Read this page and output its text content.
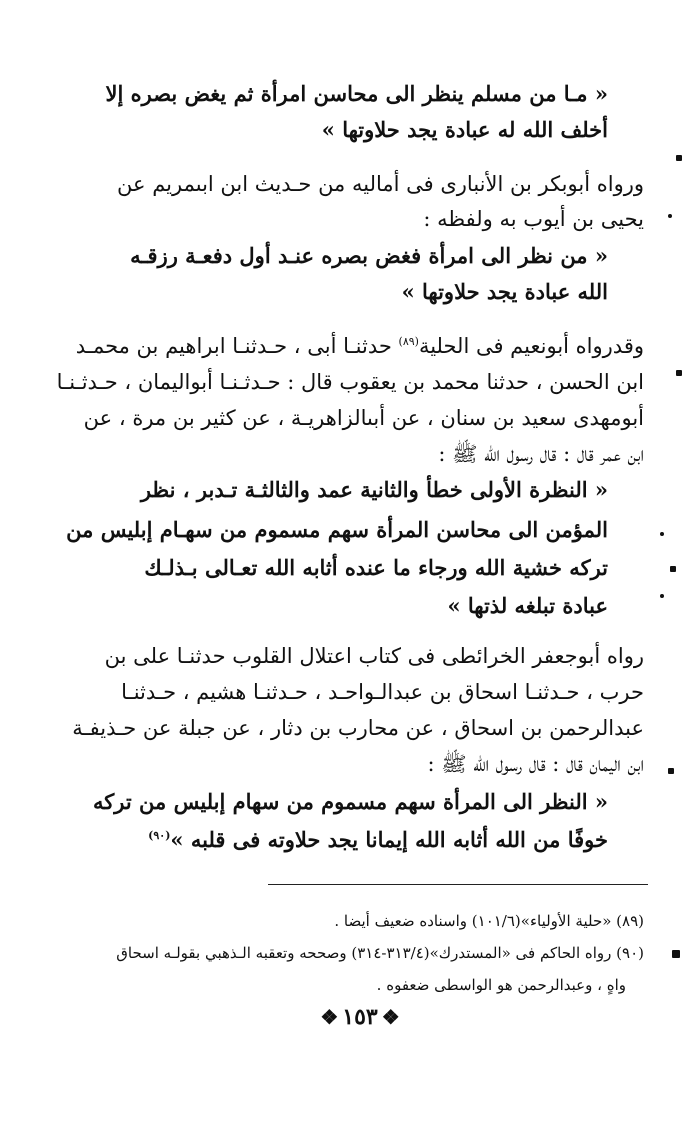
« مـا من مسلم ينظر الى محاسن امرأة ثم يغض بصره إلا
أخلف الله له عبادة يجد حلاوتها »
ورواه أبوبكر بن الأنبارى فى أماليه من حـديث ابن ابىمريم عن
يحيى بن أيوب به ولفظه :
« من نظر الى امرأة فغض بصره عنـد أول دفعـة رزقـه
الله عبادة يجد حلاوتها »
وقدرواه أبونعيم فى الحلية$^{(٨٩)}$ حدثنـا أبى ، حـدثنـا ابراهيم بن محمـد
ابن الحسن ، حدثنا محمد بن يعقوب قال : حـدثـنـا أبواليمان ، حـدثـنـا
أبومهدى سعيد بن سنان ، عن أبىالزاهريـة ، عن كثير بن مرة ، عن
ابن عمر قال : قال رسول الله ﷺ :
« النظرة الأولى خطأ والثانية عمد والثالثـة تـدبر ، نظر
المؤمن الى محاسن المرأة سهم مسموم من سهـام إبليس من
تركه خشية الله ورجاء ما عنده أثابه الله تعـالى بـذلـك
عبادة تبلغه لذتها »
رواه أبوجعفر الخرائطى فى كتاب اعتلال القلوب حدثنـا على بن
حرب ، حـدثنـا اسحاق بن عبدالـواحـد ، حـدثنـا هشيم ، حـدثنـا
عبدالرحمن بن اسحاق ، عن محارب بن دثار ، عن جبلة عن حـذيفـة
ابن اليمان قال : قال رسول الله ﷺ :
« النظر الى المرأة سهم مسموم من سهام إبليس من تركه
خوفًا من الله أثابه الله إيمانا يجد حلاوته فى قلبه »$^{(٩٠)}$
(٨٩) «حلية الأولياء»(١٠١/٦) واسناده ضعيف أيضا .
(٩٠) رواه الحاكم فى «المستدرك»(٣١٣/٤-٣١٤) وصححه وتعقبه الـذهبي بقولـه اسحاق
واهٍ ، وعبدالرحمن هو الواسطى ضعفوه .
❖١٥٣❖
